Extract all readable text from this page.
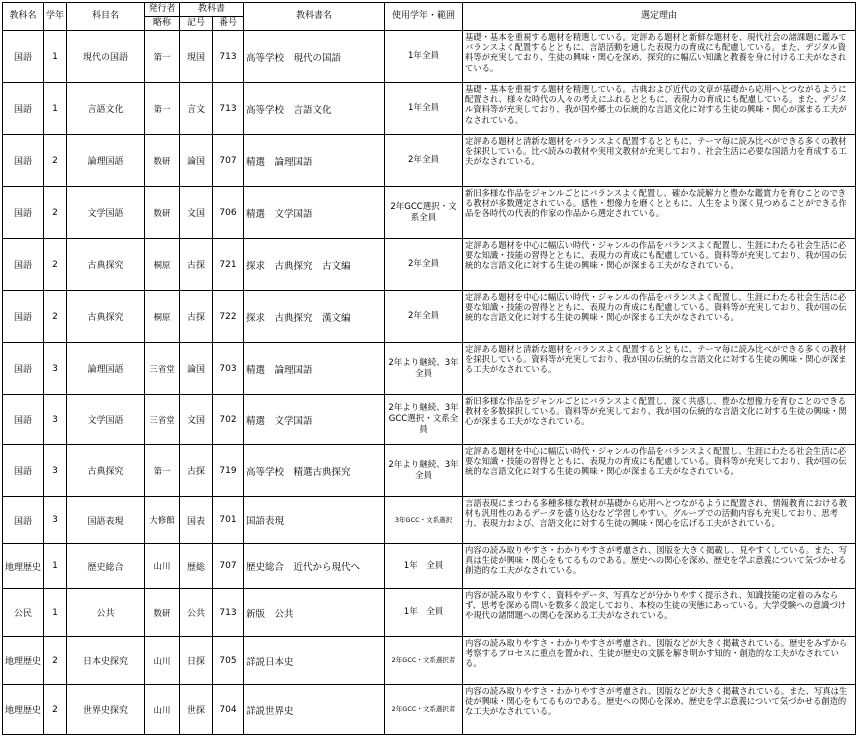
教科名	学年	科目名	発行者	教科書		教科書名	使用学年・範囲	選定理由
			略称	記号	番号			
国語	1	現代の国語	第一	現国	713	高等学校　現代の国語	1年全員	基礎・基本を重視する題材を精選している。定評ある題材と新鮮な題材を、現代社会の諸課題に鑑みてバランスよく配置するとともに、言語活動を通した表現力の育成にも配慮している。また、デジタル資料等が充実しており、生徒の興味・関心を深め、探究的に幅広い知識と教養を身に付ける工夫がなされている。
国語	1	言語文化	第一	言文	713	高等学校　言語文化	1年全員	基礎・基本を重視する題材を精選している。古典および近代の文章が基礎から応用へとつながるように配置され、様々な時代の人々の考えにふれるとともに、表現力の育成にも配慮している。また、デジタル資料等が充実しており、我が国や郷土の伝統的な言語文化に対する生徒の興味・関心が深まる工夫がなされている。
国語	2	論理国語	数研	論国	707	精選　論理国語	2年全員	定評ある題材と清新な題材をバランスよく配置するとともに、テーマ毎に読み比べができる多くの教材を採択している。比べ読みの教材や実用文教材が充実しており、社会生活に必要な国語力を育成する工夫がなされている。
国語	2	文学国語	数研	文国	706	精選　文学国語	2年GCC選択・文系全員	新旧多様な作品をジャンルごとにバランスよく配置し、確かな読解力と豊かな鑑賞力を育むことのできる教材が多数選定されている。感性・想像力を磨くとともに、人生をより深く見つめることができる作品を各時代の代表的作家の作品から選定されている。
国語	2	古典探究	桐原	古探	721	探求　古典探究　古文編	2年全員	定評ある題材を中心に幅広い時代・ジャンルの作品をバランスよく配置し、生涯にわたる社会生活に必要な知識・技能の習得とともに、表現力の育成にも配慮している。資料等が充実しており、我が国の伝統的な言語文化に対する生徒の興味・関心が深まる工夫がなされている。
国語	2	古典探究	桐原	古探	722	探求　古典探究　漢文編	2年全員	定評ある題材を中心に幅広い時代・ジャンルの作品をバランスよく配置し、生涯にわたる社会生活に必要な知識・技能の習得とともに、表現力の育成にも配慮している。資料等が充実しており、我が国の伝統的な言語文化に対する生徒の興味・関心が深まる工夫がなされている。
国語	3	論理国語	三省堂	論国	703	精選　論理国語	2年より継続、3年全員	定評ある題材と清新な題材をバランスよく配置するとともに、テーマ毎に読み比べができる多くの教材を採択している。資料等が充実しており、我が国の伝統的な言語文化に対する生徒の興味・関心が深まる工夫がなされている。
国語	3	文学国語	三省堂	文国	702	精選　文学国語	2年より継続、3年GCC選択・文系全員	新旧多様な作品をジャンルごとにバランスよく配置し、深く共感し、豊かな想像力を育むことのできる教材を多数採択している。資料等が充実しており、我が国の伝統的な言語文化に対する生徒の興味・関心が深まる工夫がなされている。
国語	3	古典探究	第一	古探	719	高等学校　精選古典探究	2年より継続、3年全員	定評ある題材を中心に幅広い時代・ジャンルの作品をバランスよく配置し、生涯にわたる社会生活に必要な知識・技能の習得とともに、表現力の育成にも配慮している。資料等が充実しており、我が国の伝統的な言語文化に対する生徒の興味・関心が深まる工夫がなされている。
国語	3	国語表現	大修館	国表	701	国語表現	3年GCC・文系選択	言語表現にまつわる多種多様な教材が基礎から応用へとつながるように配置され、情報教育における教材も汎用性のあるデータを盛り込むなど学習しやすい。グループでの活動内容も充実しており、思考力、表現力および、言語文化に対する生徒の興味・関心を広げる工夫がされている。
地理歴史	1	歴史総合	山川	歴総	707	歴史総合　近代から現代へ	1年　全員	内容の読み取りやすさ・わかりやすさが考慮され、図版を大きく掲載し、見やすくしている。また、写真は生徒が興味・関心をもてるものである。歴史への関心を深め、歴史を学ぶ意義について気づかせる創造的な工夫がなされている。
公民	1	公共	数研	公共	713	新版　公共	1年　全員	内容が読み取りやすく、資料やデータ、写真などが分かりやすく提示され、知識技能の定着のみならず、思考を深める問いを数多く設定しており、本校の生徒の実態にあっている。大学受験への意識づけや現代の諸問題への関心を深める工夫がなされている。
地理歴史	2	日本史探究	山川	日探	705	詳説日本史	2年GCC・文系選択者	内容の読み取りやすさ・わかりやすさが考慮され、図版などが大きく掲載されている。歴史をみずから考察するプロセスに重点を置かれ、生徒が歴史の文脈を解き明かす知的・創造的な工夫がなされている。
地理歴史	2	世界史探究	山川	世探	704	詳説世界史	2年GCC・文系選択者	内容の読み取りやすさ・わかりやすさが考慮され、図版などが大きく掲載されている。また、写真は生徒が興味・関心をもてるものである。歴史への関心を深め、歴史を学ぶ意義について気づかせる創造的な工夫がなされている。
